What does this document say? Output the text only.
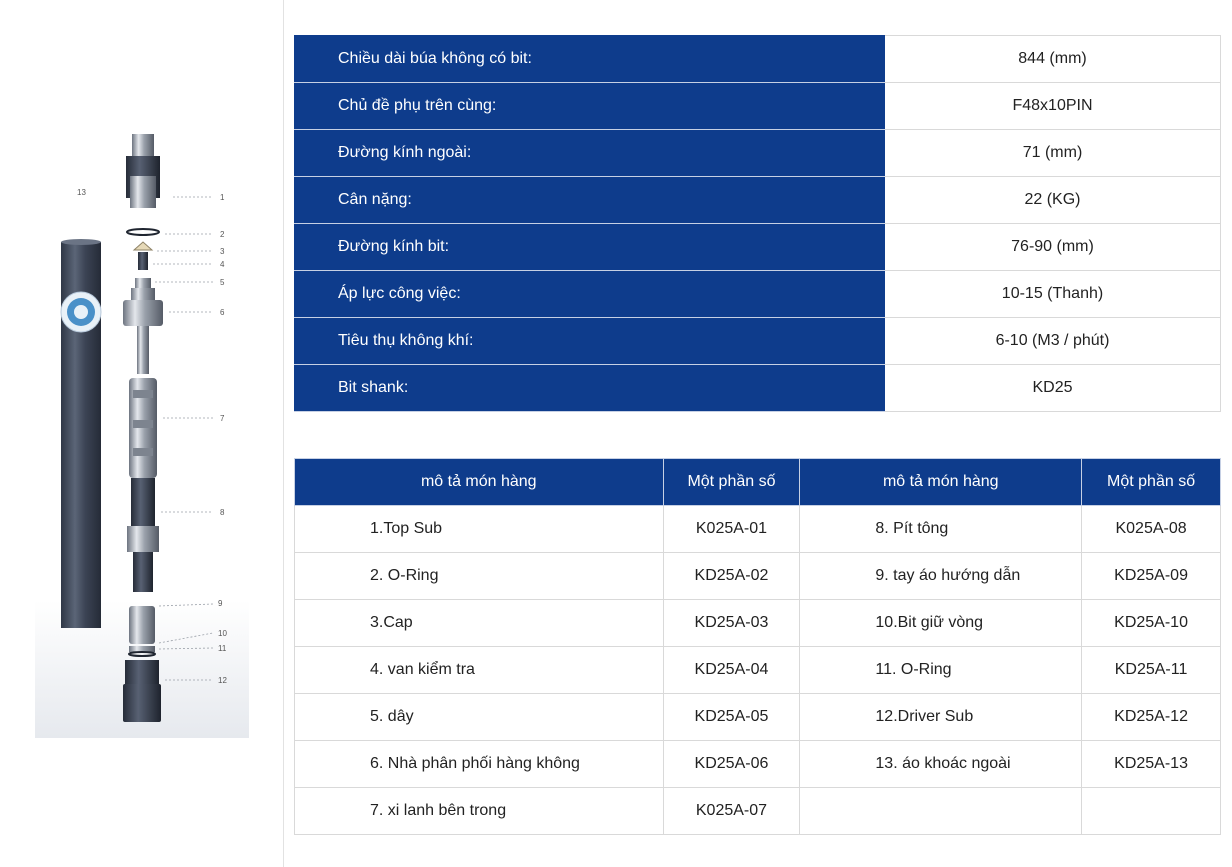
13
1
2
3
4
5
6
7
8
9
10
11
12
Chiều dài búa không có bit:	844 (mm)
Chủ đề phụ trên cùng:	F48x10PIN
Đường kính ngoài:	71 (mm)
Cân nặng:	22 (KG)
Đường kính bit:	76-90 (mm)
Áp lực công việc:	10-15 (Thanh)
Tiêu thụ không khí:	6-10 (M3 / phút)
Bit shank:	KD25
mô tả món hàng	Một phần số	mô tả món hàng	Một phần số
1.Top Sub	K025A-01	8. Pít tông	K025A-08
2. O-Ring	KD25A-02	9. tay áo hướng dẫn	KD25A-09
3.Cap	KD25A-03	10.Bit giữ vòng	KD25A-10
4. van kiểm tra	KD25A-04	11. O-Ring	KD25A-11
5. dây	KD25A-05	12.Driver Sub	KD25A-12
6. Nhà phân phối hàng không	KD25A-06	13. áo khoác ngoài	KD25A-13
7. xi lanh bên trong	K025A-07		
